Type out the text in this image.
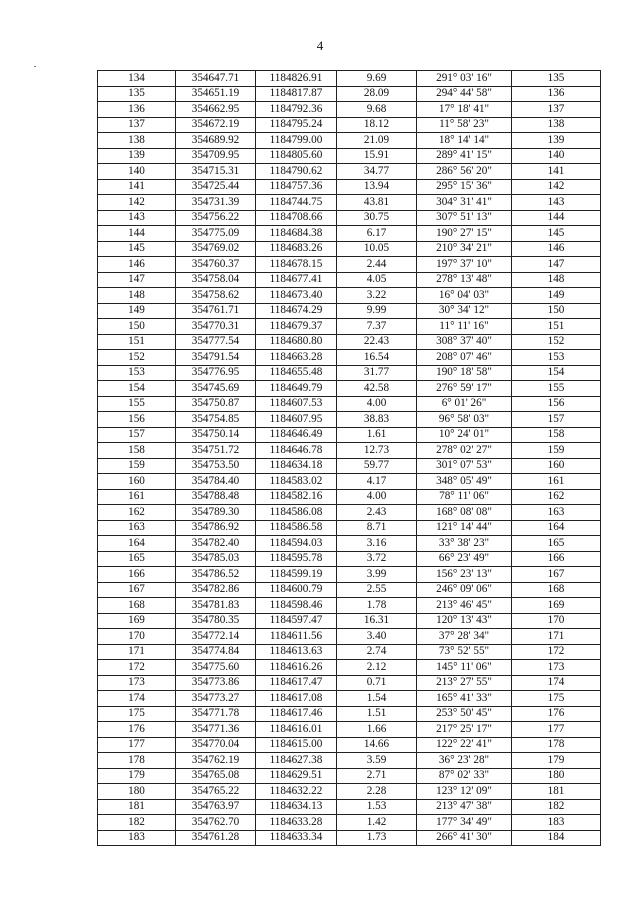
4
134	354647.71	1184826.91	9.69	291° 03' 16"	135
135	354651.19	1184817.87	28.09	294° 44' 58"	136
136	354662.95	1184792.36	9.68	17° 18' 41"	137
137	354672.19	1184795.24	18.12	11° 58' 23"	138
138	354689.92	1184799.00	21.09	18° 14' 14"	139
139	354709.95	1184805.60	15.91	289° 41' 15"	140
140	354715.31	1184790.62	34.77	286° 56' 20"	141
141	354725.44	1184757.36	13.94	295° 15' 36"	142
142	354731.39	1184744.75	43.81	304° 31' 41"	143
143	354756.22	1184708.66	30.75	307° 51' 13"	144
144	354775.09	1184684.38	6.17	190° 27' 15"	145
145	354769.02	1184683.26	10.05	210° 34' 21"	146
146	354760.37	1184678.15	2.44	197° 37' 10"	147
147	354758.04	1184677.41	4.05	278° 13' 48"	148
148	354758.62	1184673.40	3.22	16° 04' 03"	149
149	354761.71	1184674.29	9.99	30° 34' 12"	150
150	354770.31	1184679.37	7.37	11° 11' 16"	151
151	354777.54	1184680.80	22.43	308° 37' 40"	152
152	354791.54	1184663.28	16.54	208° 07' 46"	153
153	354776.95	1184655.48	31.77	190° 18' 58"	154
154	354745.69	1184649.79	42.58	276° 59' 17"	155
155	354750.87	1184607.53	4.00	6° 01' 26"	156
156	354754.85	1184607.95	38.83	96° 58' 03"	157
157	354750.14	1184646.49	1.61	10° 24' 01"	158
158	354751.72	1184646.78	12.73	278° 02' 27"	159
159	354753.50	1184634.18	59.77	301° 07' 53"	160
160	354784.40	1184583.02	4.17	348° 05' 49"	161
161	354788.48	1184582.16	4.00	78° 11' 06"	162
162	354789.30	1184586.08	2.43	168° 08' 08"	163
163	354786.92	1184586.58	8.71	121° 14' 44"	164
164	354782.40	1184594.03	3.16	33° 38' 23"	165
165	354785.03	1184595.78	3.72	66° 23' 49"	166
166	354786.52	1184599.19	3.99	156° 23' 13"	167
167	354782.86	1184600.79	2.55	246° 09' 06"	168
168	354781.83	1184598.46	1.78	213° 46' 45"	169
169	354780.35	1184597.47	16.31	120° 13' 43"	170
170	354772.14	1184611.56	3.40	37° 28' 34"	171
171	354774.84	1184613.63	2.74	73° 52' 55"	172
172	354775.60	1184616.26	2.12	145° 11' 06"	173
173	354773.86	1184617.47	0.71	213° 27' 55"	174
174	354773.27	1184617.08	1.54	165° 41' 33"	175
175	354771.78	1184617.46	1.51	253° 50' 45"	176
176	354771.36	1184616.01	1.66	217° 25' 17"	177
177	354770.04	1184615.00	14.66	122° 22' 41"	178
178	354762.19	1184627.38	3.59	36° 23' 28"	179
179	354765.08	1184629.51	2.71	87° 02' 33"	180
180	354765.22	1184632.22	2.28	123° 12' 09"	181
181	354763.97	1184634.13	1.53	213° 47' 38"	182
182	354762.70	1184633.28	1.42	177° 34' 49"	183
183	354761.28	1184633.34	1.73	266° 41' 30"	184
